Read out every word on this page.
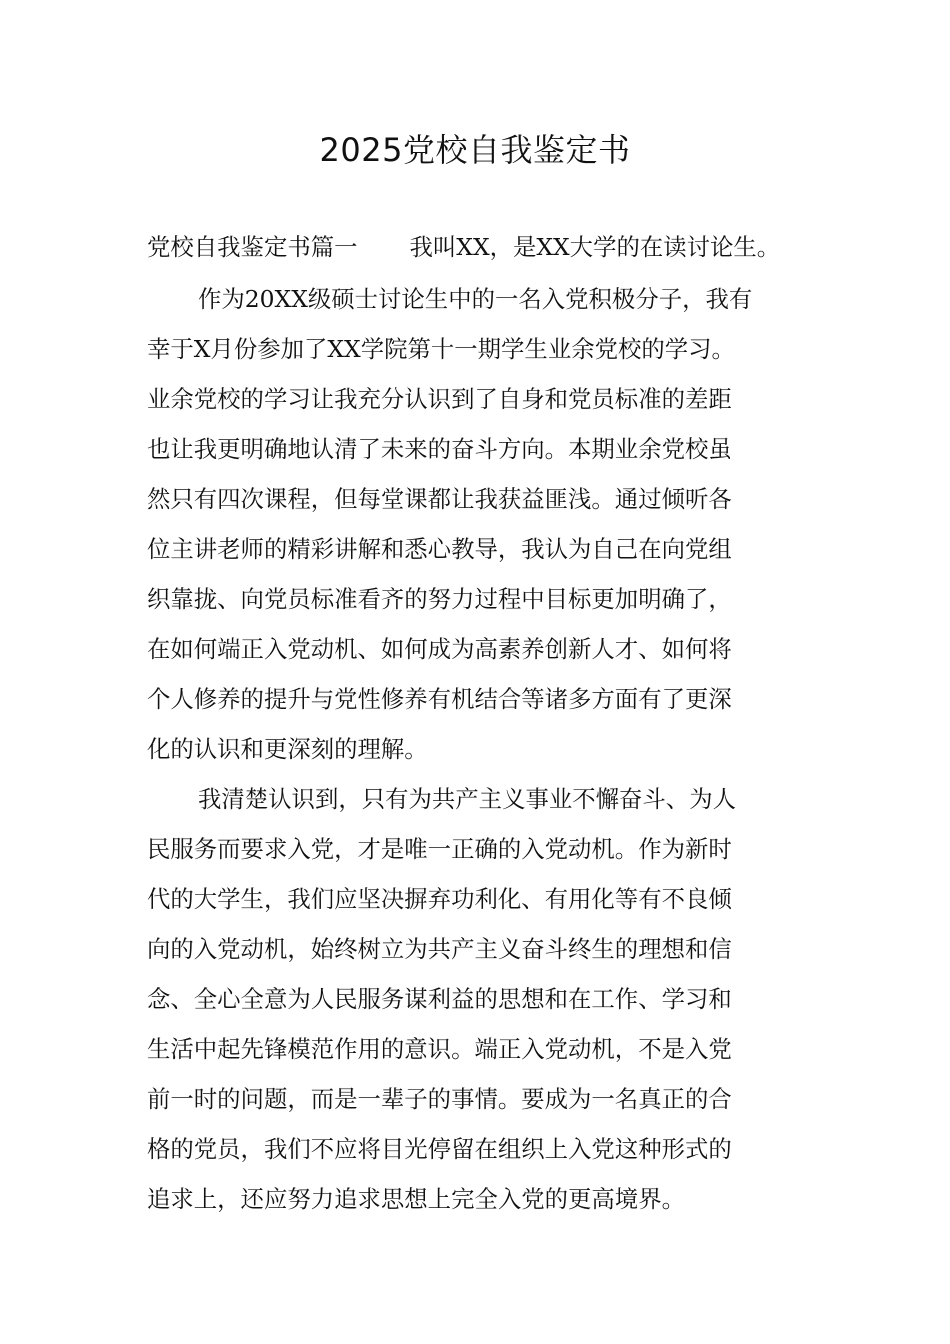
2025党校自我鉴定书

党校自我鉴定书篇一 我叫XX，是XX大学的在读讨论生。

作为20XX级硕士讨论生中的一名入党积极分子，我有

幸于X月份参加了XX学院第十一期学生业余党校的学习。

业余党校的学习让我充分认识到了自身和党员标准的差距

也让我更明确地认清了未来的奋斗方向。本期业余党校虽

然只有四次课程，但每堂课都让我获益匪浅。通过倾听各

位主讲老师的精彩讲解和悉心教导，我认为自己在向党组

织靠拢、向党员标准看齐的努力过程中目标更加明确了，

在如何端正入党动机、如何成为高素养创新人才、如何将

个人修养的提升与党性修养有机结合等诸多方面有了更深

化的认识和更深刻的理解。

我清楚认识到，只有为共产主义事业不懈奋斗、为人

民服务而要求入党，才是唯一正确的入党动机。作为新时

代的大学生，我们应坚决摒弃功利化、有用化等有不良倾

向的入党动机，始终树立为共产主义奋斗终生的理想和信

念、全心全意为人民服务谋利益的思想和在工作、学习和

生活中起先锋模范作用的意识。端正入党动机，不是入党

前一时的问题，而是一辈子的事情。要成为一名真正的合

格的党员，我们不应将目光停留在组织上入党这种形式的

追求上，还应努力追求思想上完全入党的更高境界。
